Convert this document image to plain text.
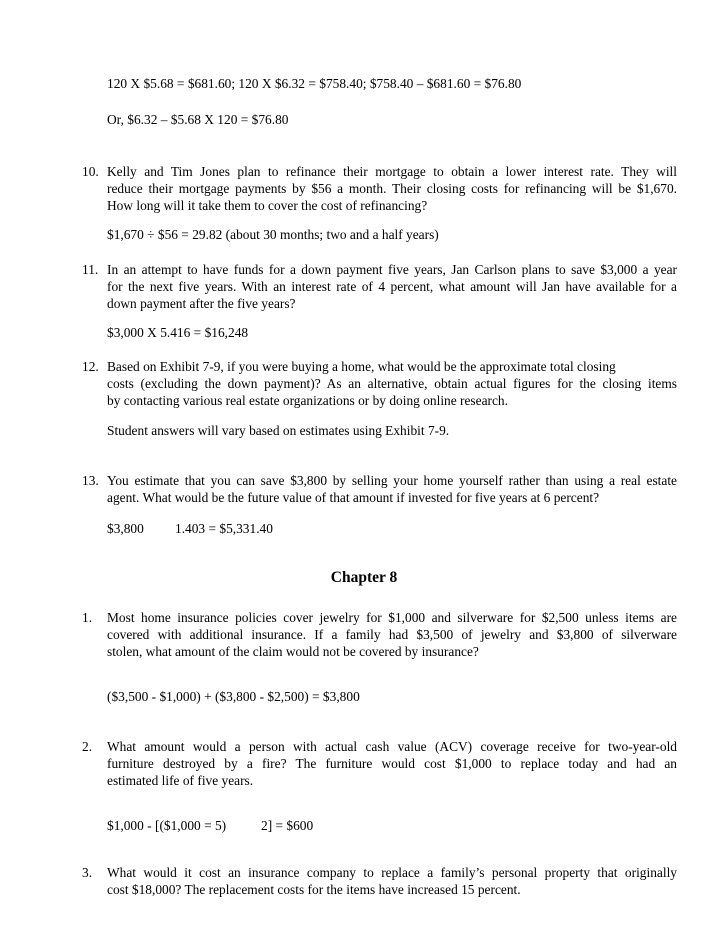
120 X $5.68 = $681.60; 120 X $6.32 = $758.40; $758.40 – $681.60 = $76.80
Or, $6.32 – $5.68 X 120 = $76.80
10. Kelly and Tim Jones plan to refinance their mortgage to obtain a lower interest rate. They will
reduce their mortgage payments by $56 a month. Their closing costs for refinancing will be $1,670.
How long will it take them to cover the cost of refinancing?
$1,670 ÷ $56 = 29.82 (about 30 months; two and a half years)
11. In an attempt to have funds for a down payment five years, Jan Carlson plans to save $3,000 a year
for the next five years. With an interest rate of 4 percent, what amount will Jan have available for a
down payment after the five years?
$3,000 X 5.416 = $16,248
12. Based on Exhibit 7-9, if you were buying a home, what would be the approximate total closing
costs (excluding the down payment)? As an alternative, obtain actual figures for the closing items
by contacting various real estate organizations or by doing online research.
Student answers will vary based on estimates using Exhibit 7-9.
13. You estimate that you can save $3,800 by selling your home yourself rather than using a real estate
agent. What would be the future value of that amount if invested for five years at 6 percent?
$3,800 1.403 = $5,331.40
Chapter 8
1. Most home insurance policies cover jewelry for $1,000 and silverware for $2,500 unless items are
covered with additional insurance. If a family had $3,500 of jewelry and $3,800 of silverware
stolen, what amount of the claim would not be covered by insurance?
($3,500 - $1,000) + ($3,800 - $2,500) = $3,800
2. What amount would a person with actual cash value (ACV) coverage receive for two-year-old
furniture destroyed by a fire? The furniture would cost $1,000 to replace today and had an
estimated life of five years.
$1,000 - [($1,000 = 5)	2] = $600
3. What would it cost an insurance company to replace a family’s personal property that originally
cost $18,000? The replacement costs for the items have increased 15 percent.
